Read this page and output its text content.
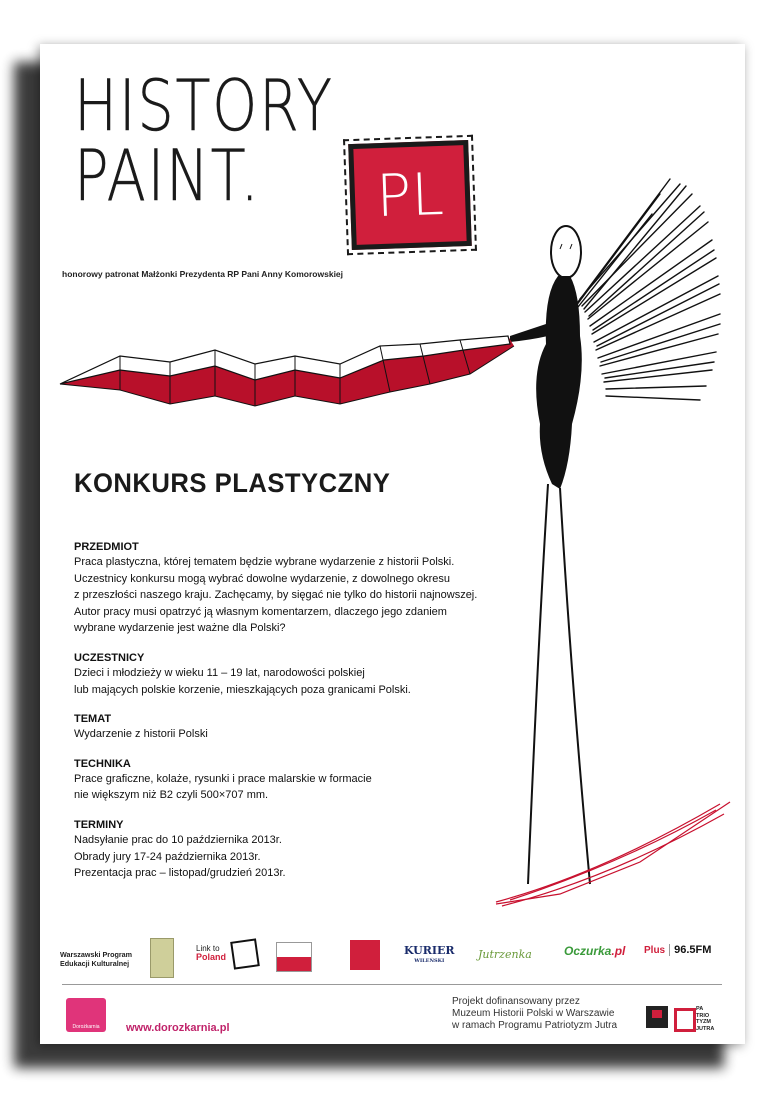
HISTORY
PAINT. PL
honorowy patronat Małżonki Prezydenta RP Pani Anny Komorowskiej
KONKURS PLASTYCZNY
PRZEDMIOT

Praca plastyczna, której tematem będzie wybrane wydarzenie z historii Polski.

Uczestnicy konkursu mogą wybrać dowolne wydarzenie, z dowolnego okresu

z przeszłości naszego kraju. Zachęcamy, by sięgać nie tylko do historii najnowszej.

Autor pracy musi opatrzyć ją własnym komentarzem, dlaczego jego zdaniem

wybrane wydarzenie jest ważne dla Polski?

UCZESTNICY

Dzieci i młodzieży w wieku 11 – 19 lat, narodowości polskiej

lub mających polskie korzenie, mieszkających poza granicami Polski.

TEMAT

Wydarzenie z historii Polski

TECHNIKA

Prace graficzne, kolaże, rysunki i prace malarskie w formacie

nie większym niż B2 czyli 500×707 mm.

TERMINY

Nadsyłanie prac do 10 października 2013r.

Obrady jury 17-24 października 2013r.

Prezentacja prac – listopad/grudzień 2013r.

Warszawski Program
Edukacji Kulturalnej
Link to
Poland	KURIER
WILEŃSKI	Jutrzenka	Oczurka.pl Plus 96.5FM
Dorożkarnia	www.dorozkarnia.pl
Projekt dofinansowany przez
Muzeum Historii Polski w Warszawie
w ramach Programu Patriotyzm Jutra
PA TRIO TYZM JUTRA
